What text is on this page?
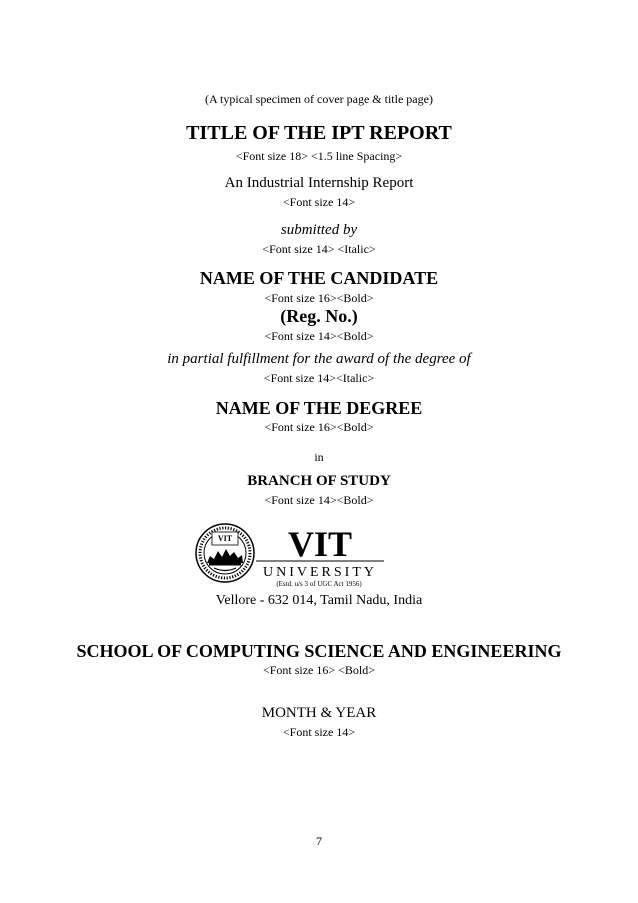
(A typical specimen of cover page & title page)
TITLE OF THE IPT REPORT
<Font size 18> <1.5 line Spacing>
An Industrial Internship Report
<Font size 14>
submitted by
<Font size 14> <Italic>
NAME OF THE CANDIDATE
<Font size 16><Bold>
(Reg. No.)
<Font size 14><Bold>
in partial fulfillment for the award of the degree of
<Font size 14><Italic>
NAME OF THE DEGREE
<Font size 16><Bold>
in
BRANCH OF STUDY
<Font size 14><Bold>
VIT VIT
UNIVERSITY
(Estd. u/s 3 of UGC Act 1956)
Vellore - 632 014, Tamil Nadu, India
SCHOOL OF COMPUTING SCIENCE AND ENGINEERING
<Font size 16> <Bold>
MONTH & YEAR
<Font size 14>
7
